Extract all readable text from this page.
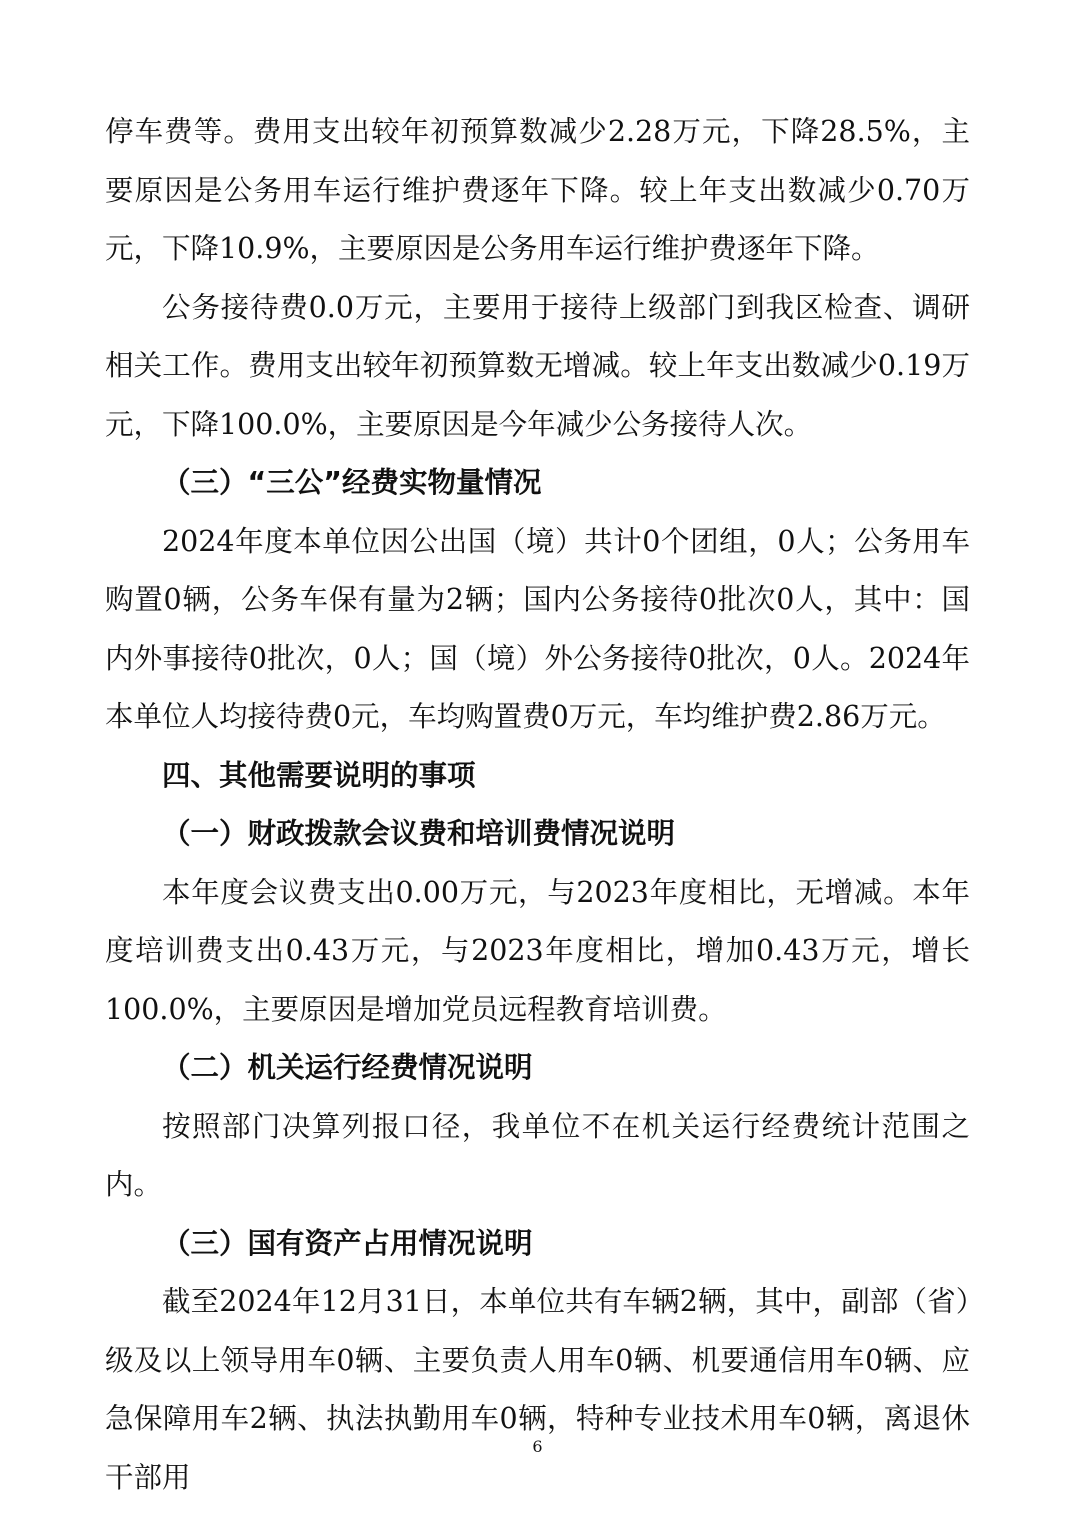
停车费等。费用支出较年初预算数减少2.28万元，下降28.5%，主要原因是公务用车运行维护费逐年下降。较上年支出数减少0.70万元，下降10.9%，主要原因是公务用车运行维护费逐年下降。

公务接待费0.0万元，主要用于接待上级部门到我区检查、调研相关工作。费用支出较年初预算数无增减。较上年支出数减少0.19万元，下降100.0%，主要原因是今年减少公务接待人次。

（三）“三公”经费实物量情况

2024年度本单位因公出国（境）共计0个团组，0人；公务用车购置0辆，公务车保有量为2辆；国内公务接待0批次0人，其中：国内外事接待0批次，0人；国（境）外公务接待0批次，0人。2024年本单位人均接待费0元，车均购置费0万元，车均维护费2.86万元。

四、其他需要说明的事项

（一）财政拨款会议费和培训费情况说明

本年度会议费支出0.00万元，与2023年度相比，无增减。本年度培训费支出0.43万元，与2023年度相比，增加0.43万元，增长100.0%，主要原因是增加党员远程教育培训费。

（二）机关运行经费情况说明

按照部门决算列报口径，我单位不在机关运行经费统计范围之内。

（三）国有资产占用情况说明

截至2024年12月31日，本单位共有车辆2辆，其中，副部（省）级及以上领导用车0辆、主要负责人用车0辆、机要通信用车0辆、应急保障用车2辆、执法执勤用车0辆，特种专业技术用车0辆，离退休干部用

6
